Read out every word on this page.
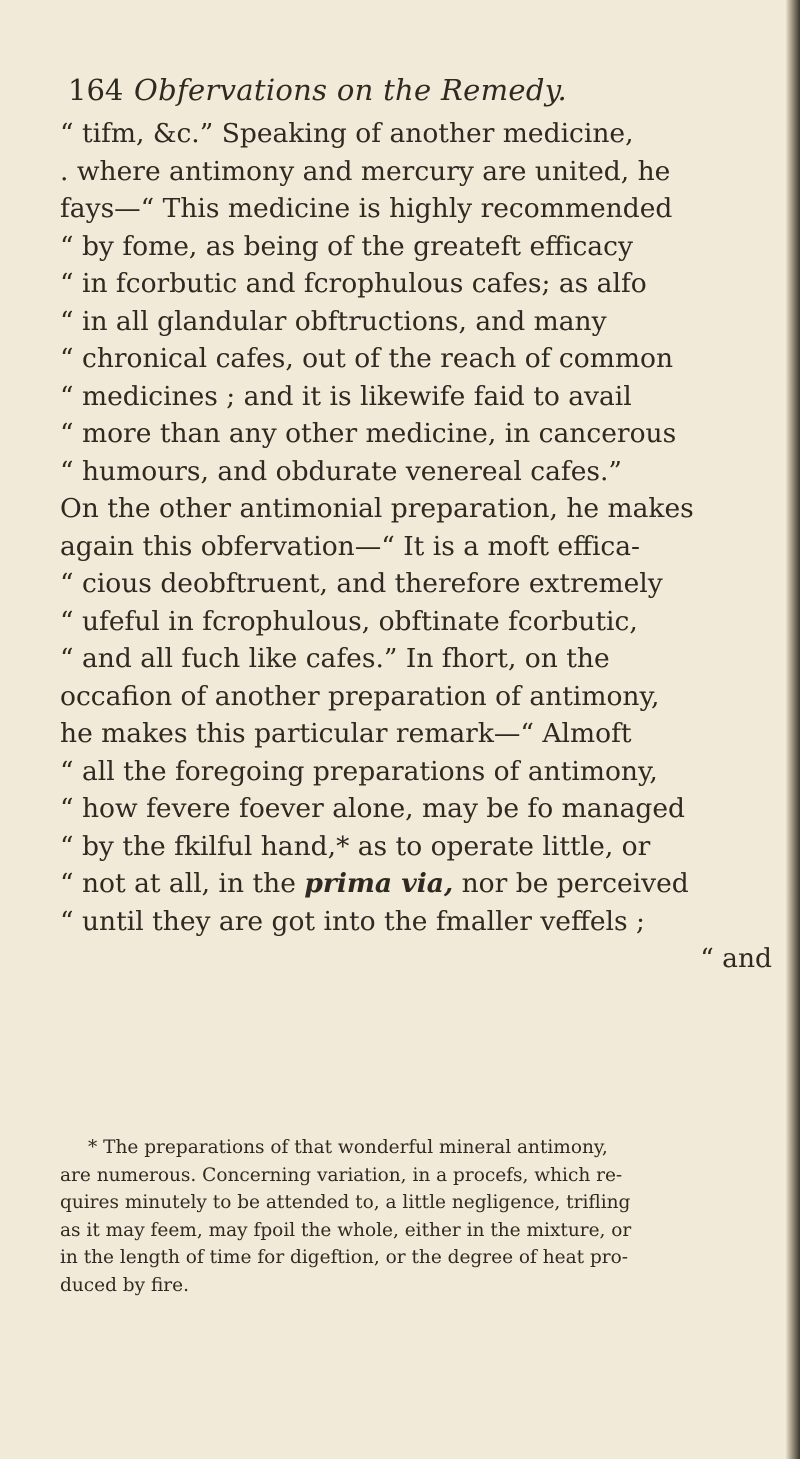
164 Obfervations on the Remedy.
“ tifm, &c.” Speaking of another medicine,
. where antimony and mercury are united, he
fays—“ This medicine is highly recommended
“ by fome, as being of the greateft efficacy
“ in fcorbutic and fcrophulous cafes; as alfo
“ in all glandular obftructions, and many
“ chronical cafes, out of the reach of common
“ medicines ; and it is likewife faid to avail
“ more than any other medicine, in cancerous
“ humours, and obdurate venereal cafes.”
On the other antimonial preparation, he makes
again this obfervation—“ It is a moft effica-
“ cious deobftruent, and therefore extremely
“ ufeful in fcrophulous, obftinate fcorbutic,
“ and all fuch like cafes.” In fhort, on the
occafion of another preparation of antimony,
he makes this particular remark—“ Almoft
“ all the foregoing preparations of antimony,
“ how fevere foever alone, may be fo managed
“ by the fkilful hand,* as to operate little, or
“ not at all, in the prima via, nor be perceived
“ until they are got into the fmaller veffels ;
“ and
* The preparations of that wonderful mineral antimony,
are numerous. Concerning variation, in a procefs, which re-
quires minutely to be attended to, a little negligence, trifling
as it may feem, may fpoil the whole, either in the mixture, or
in the length of time for digeftion, or the degree of heat pro-
duced by fire.
